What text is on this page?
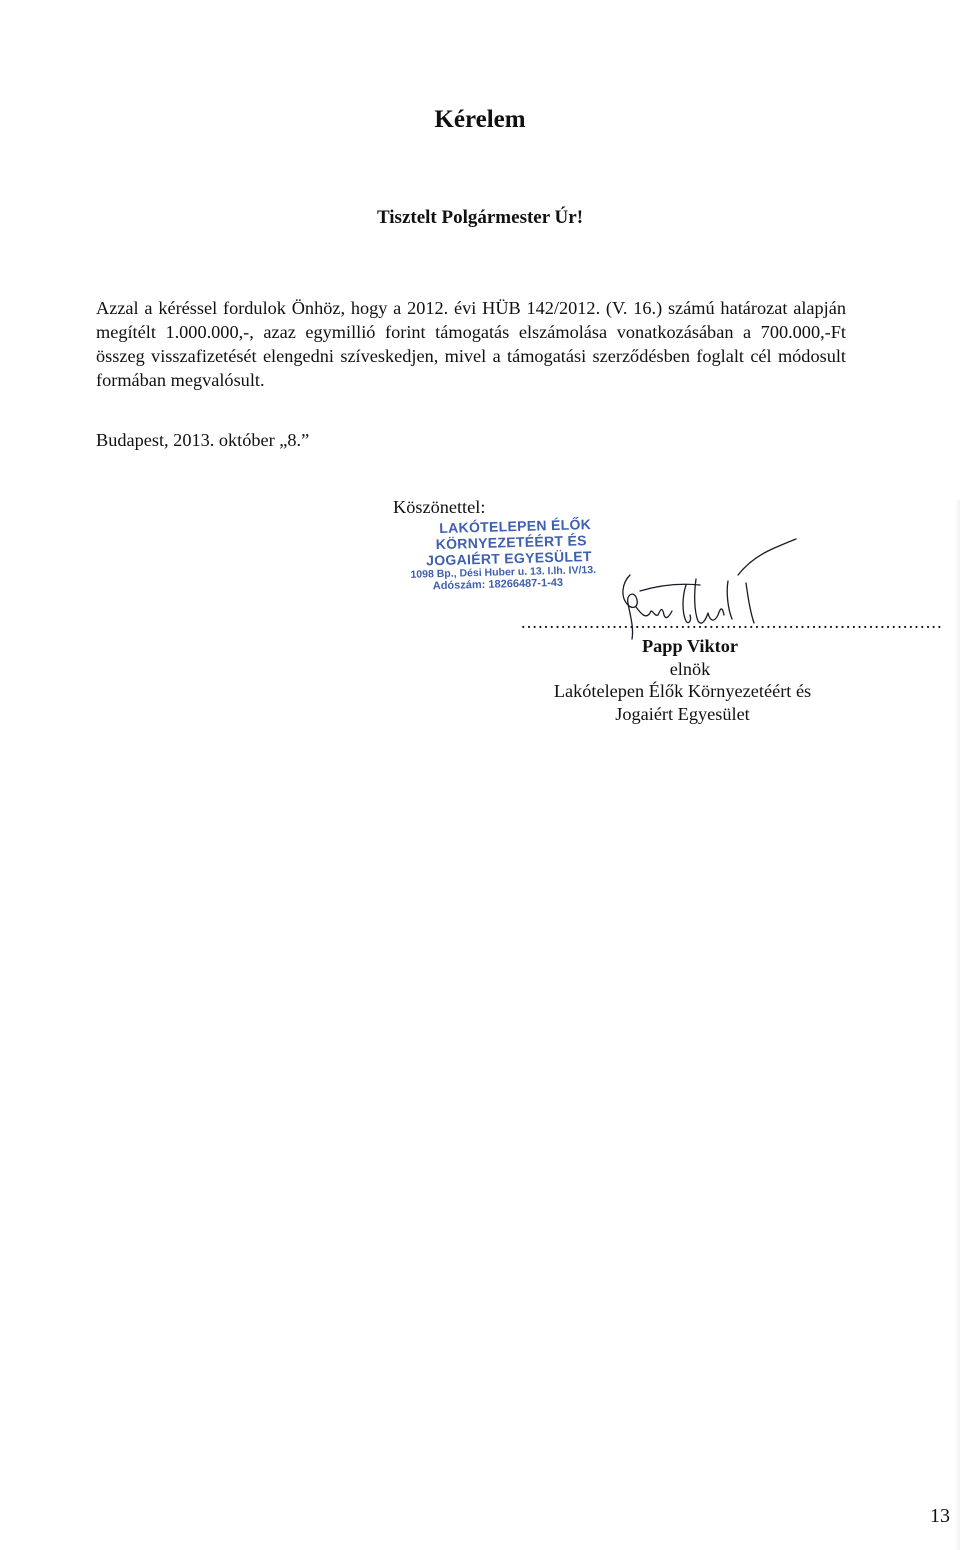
Kérelem
Tisztelt Polgármester Úr!

Azzal a kéréssel fordulok Önhöz, hogy a 2012. évi HÜB 142/2012. (V. 16.) számú határozat alapján megítélt 1.000.000,-, azaz egymillió forint támogatás elszámolása vonatkozásában a 700.000,-Ft összeg visszafizetését elengedni szíveskedjen, mivel a támogatási szerződésben foglalt cél módosult formában megvalósult.

Budapest, 2013. október „8.”
Köszönettel:
LAKÓTELEPEN ÉLŐK
KÖRNYEZETÉÉRT ÉS
JOGAIÉRT EGYESÜLET
1098 Bp., Dési Huber u. 13. I.lh. IV/13.
Adószám: 18266487-1-43
..........................................................................
Papp Viktor
elnök
Lakótelepen Élők Környezetéért és
Jogaiért Egyesület
13
